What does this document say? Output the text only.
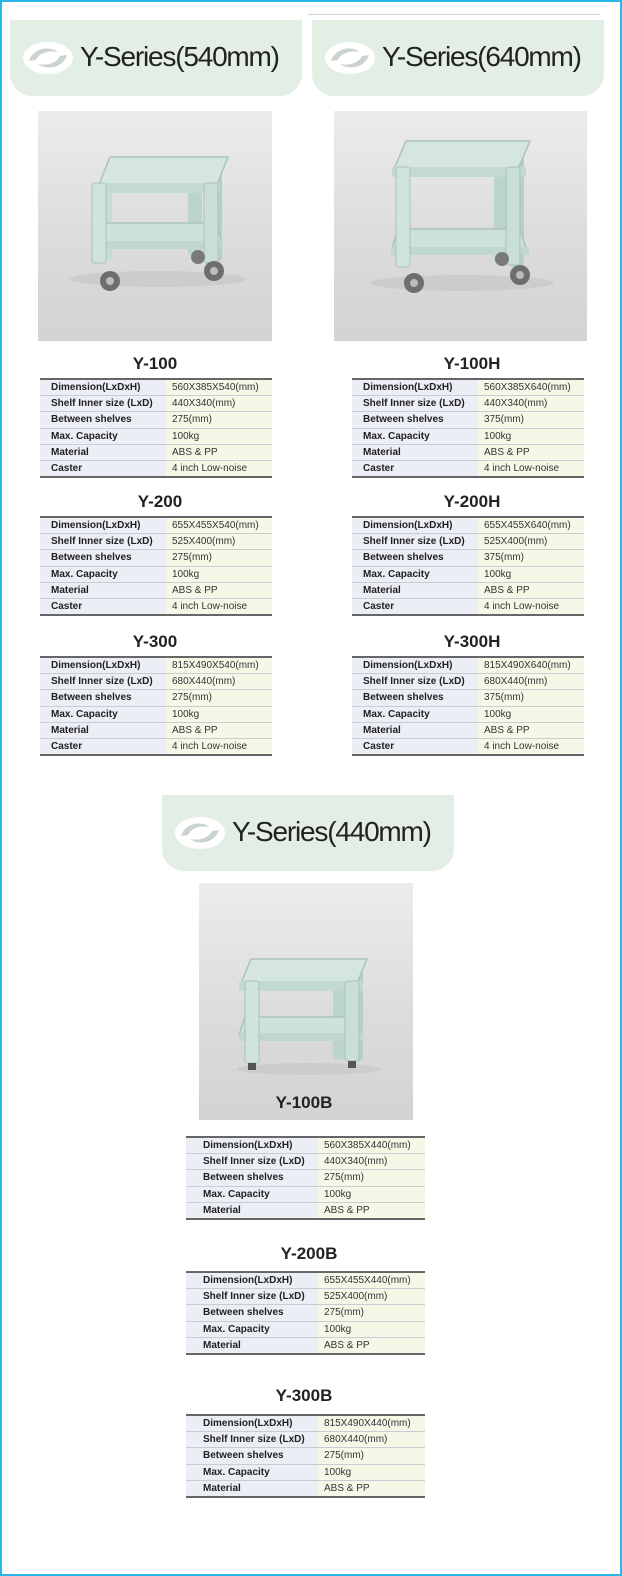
Y-Series(540mm)	Y-Series(640mm)
Y-Series(440mm)
Y-100
Y-200
Y-300
Y-100H
Y-200H
Y-300H
Y-100B
Y-200B
Y-300B
Dimension(LxDxH)	560X385X540(mm)
Shelf Inner size (LxD)	440X340(mm)
Between shelves	275(mm)
Max. Capacity	100kg
Material	ABS & PP
Caster	4 inch Low-noise
Dimension(LxDxH)	655X455X540(mm)
Shelf Inner size (LxD)	525X400(mm)
Between shelves	275(mm)
Max. Capacity	100kg
Material	ABS & PP
Caster	4 inch Low-noise
Dimension(LxDxH)	815X490X540(mm)
Shelf Inner size (LxD)	680X440(mm)
Between shelves	275(mm)
Max. Capacity	100kg
Material	ABS & PP
Caster	4 inch Low-noise
Dimension(LxDxH)	560X385X640(mm)
Shelf Inner size (LxD)	440X340(mm)
Between shelves	375(mm)
Max. Capacity	100kg
Material	ABS & PP
Caster	4 inch Low-noise
Dimension(LxDxH)	655X455X640(mm)
Shelf Inner size (LxD)	525X400(mm)
Between shelves	375(mm)
Max. Capacity	100kg
Material	ABS & PP
Caster	4 inch Low-noise
Dimension(LxDxH)	815X490X640(mm)
Shelf Inner size (LxD)	680X440(mm)
Between shelves	375(mm)
Max. Capacity	100kg
Material	ABS & PP
Caster	4 inch Low-noise
Dimension(LxDxH)	560X385X440(mm)
Shelf Inner size (LxD)	440X340(mm)
Between shelves	275(mm)
Max. Capacity	100kg
Material	ABS & PP
Dimension(LxDxH)	655X455X440(mm)
Shelf Inner size (LxD)	525X400(mm)
Between shelves	275(mm)
Max. Capacity	100kg
Material	ABS & PP
Dimension(LxDxH)	815X490X440(mm)
Shelf Inner size (LxD)	680X440(mm)
Between shelves	275(mm)
Max. Capacity	100kg
Material	ABS & PP
